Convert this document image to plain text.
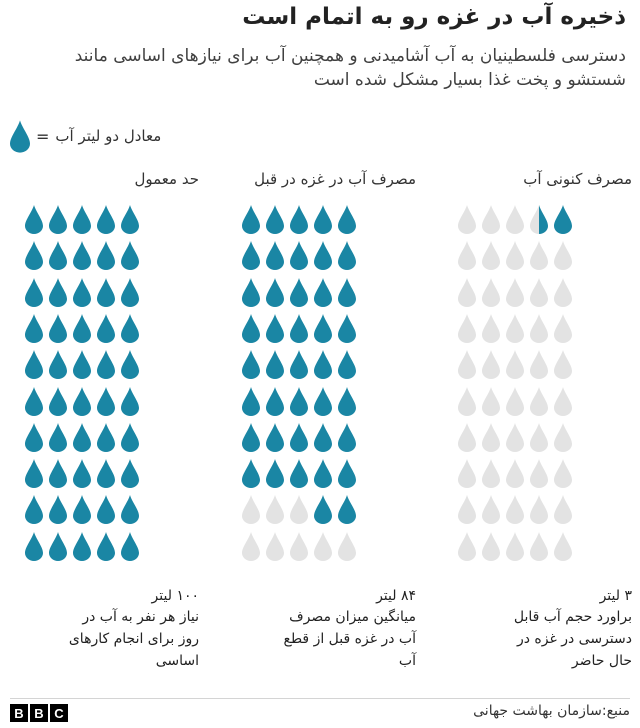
ذخیره آب در غزه رو به اتمام است

دسترسی فلسطینیان به آب آشامیدنی و همچنین آب برای نیازهای اساسی مانند شستشو و پخت غذا بسیار مشکل شده است

= معادل دو لیتر آب
مصرف کنونی آب
۳ لیتر
براورد حجم آب قابل دسترسی در غزه در حال حاضر
مصرف آب در غزه در قبل
۸۴ لیتر
میانگین میزان مصرف آب در غزه قبل از قطع آب
حد معمول
۱۰۰ لیتر
نیاز هر نفر به آب در روز برای انجام کارهای اساسی
B B C	منبع:سازمان بهاشت جهانی
